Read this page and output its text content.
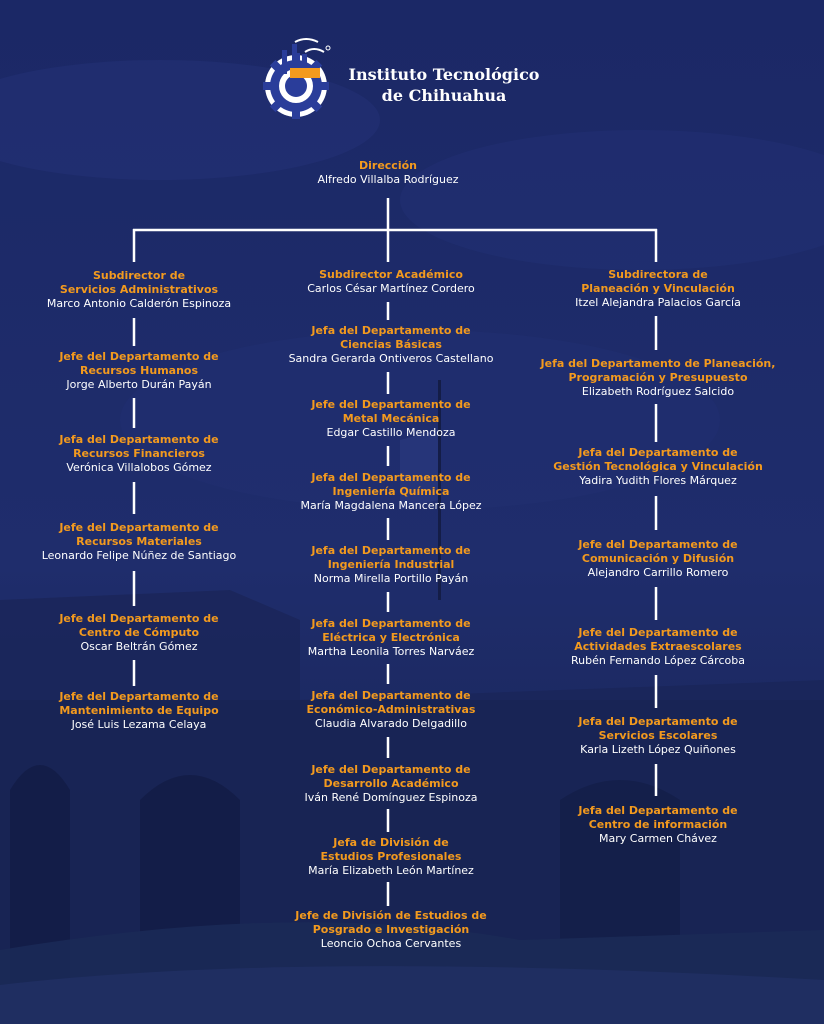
Instituto Tecnológico
de Chihuahua
Dirección
Alfredo Villalba Rodríguez
Subdirector de
Servicios Administrativos
Marco Antonio Calderón Espinoza
Jefe del Departamento de
Recursos Humanos
Jorge Alberto Durán Payán
Jefa del Departamento de
Recursos Financieros
Verónica Villalobos Gómez
Jefe del Departamento de
Recursos Materiales
Leonardo Felipe Núñez de Santiago
Jefe del Departamento de
Centro de Cómputo
Oscar Beltrán Gómez
Jefe del Departamento de
Mantenimiento de Equipo
José Luis Lezama Celaya
Subdirector Académico
Carlos César Martínez Cordero
Jefa del Departamento de
Ciencias Básicas
Sandra Gerarda Ontiveros Castellano
Jefe del Departamento de
Metal Mecánica
Edgar Castillo Mendoza
Jefa del Departamento de
Ingeniería Química
María Magdalena Mancera López
Jefa del Departamento de
Ingeniería Industrial
Norma Mirella Portillo Payán
Jefa del Departamento de
Eléctrica y Electrónica
Martha Leonila Torres Narváez
Jefa del Departamento de
Económico-Administrativas
Claudia Alvarado Delgadillo
Jefe del Departamento de
Desarrollo Académico
Iván René Domínguez Espinoza
Jefa de División de
Estudios Profesionales
María Elizabeth León Martínez
Jefe de División de Estudios de
Posgrado e Investigación
Leoncio Ochoa Cervantes
Subdirectora de
Planeación y Vinculación
Itzel Alejandra Palacios García
Jefa del Departamento de Planeación,
Programación y Presupuesto
Elizabeth Rodríguez Salcido
Jefa del Departamento de
Gestión Tecnológica y Vinculación
Yadira Yudith Flores Márquez
Jefe del Departamento de
Comunicación y Difusión
Alejandro Carrillo Romero
Jefe del Departamento de
Actividades Extraescolares
Rubén Fernando López Cárcoba
Jefa del Departamento de
Servicios Escolares
Karla Lizeth López Quiñones
Jefa del Departamento de
Centro de información
Mary Carmen Chávez
